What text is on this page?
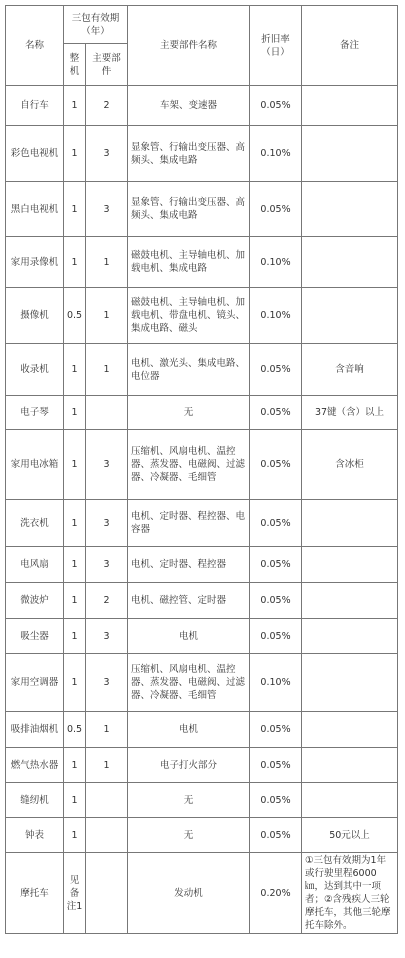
名称	三包有效期（年）		主要部件名称	折旧率（日）	备注
	整机	主要部件			
自行车	1	2	车架、变速器	0.05%	
彩色电视机	1	3	显象管、行输出变压器、高频头、集成电路	0.10%	
黑白电视机	1	3	显象管、行输出变压器、高频头、集成电路	0.05%	
家用录像机	1	1	磁鼓电机、主导轴电机、加载电机、集成电路	0.10%	
摄像机	0.5	1	磁鼓电机、主导轴电机、加载电机、带盘电机、镜头、集成电路、磁头	0.10%	
收录机	1	1	电机、激光头、集成电路、电位器	0.05%	含音响
电子琴	1		无	0.05%	37键（含）以上
家用电冰箱	1	3	压缩机、风扇电机、温控器、蒸发器、电磁阀、过滤器、冷凝器、毛细管	0.05%	含冰柜
洗衣机	1	3	电机、定时器、程控器、电容器	0.05%	
电风扇	1	3	电机、定时器、程控器	0.05%	
微波炉	1	2	电机、磁控管、定时器	0.05%	
吸尘器	1	3	电机	0.05%	
家用空调器	1	3	压缩机、风扇电机、温控器、蒸发器、电磁阀、过滤器、冷凝器、毛细管	0.10%	
吸排油烟机	0.5	1	电机	0.05%	
燃气热水器	1	1	电子打火部分	0.05%	
缝纫机	1		无	0.05%	
钟表	1		无	0.05%	50元以上
摩托车	见备注1		发动机	0.20%	①三包有效期为1年或行驶里程6000㎞，达到其中一项者；②含残疾人三轮摩托车，其他三轮摩托车除外。
